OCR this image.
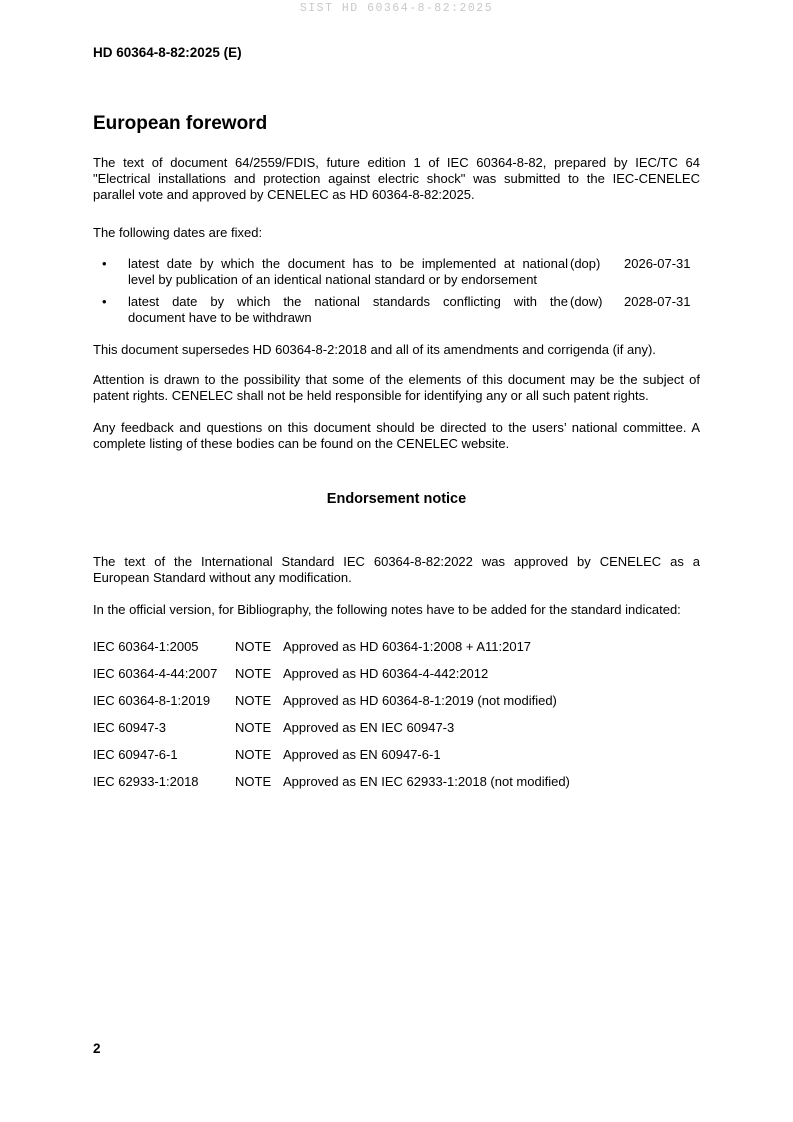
SIST HD 60364-8-82:2025
HD 60364-8-82:2025 (E)
European foreword
The text of document 64/2559/FDIS, future edition 1 of IEC 60364-8-82, prepared by IEC/TC 64
"Electrical installations and protection against electric shock" was submitted to the IEC-CENELEC
parallel vote and approved by CENELEC as HD 60364-8-82:2025.
The following dates are fixed:
•	latest date by which the document has to be implemented at national
level by publication of an identical national standard or by endorsement
(dop)	2026-07-31
•	latest date by which the national standards conflicting with the
document have to be withdrawn
(dow)	2028-07-31
This document supersedes HD 60364-8-2:2018 and all of its amendments and corrigenda (if any).
Attention is drawn to the possibility that some of the elements of this document may be the subject of
patent rights. CENELEC shall not be held responsible for identifying any or all such patent rights.
Any feedback and questions on this document should be directed to the users’ national committee. A
complete listing of these bodies can be found on the CENELEC website.
Endorsement notice
The text of the International Standard IEC 60364-8-82:2022 was approved by CENELEC as a
European Standard without any modification.
In the official version, for Bibliography, the following notes have to be added for the standard indicated:
IEC 60364-1:2005	NOTE Approved as HD 60364-1:2008 + A11:2017
IEC 60364-4-44:2007	NOTE Approved as HD 60364-4-442:2012
IEC 60364-8-1:2019	NOTE Approved as HD 60364-8-1:2019 (not modified)
IEC 60947-3	NOTE Approved as EN IEC 60947-3
IEC 60947-6-1	NOTE Approved as EN 60947-6-1
IEC 62933-1:2018	NOTE Approved as EN IEC 62933-1:2018 (not modified)
2
